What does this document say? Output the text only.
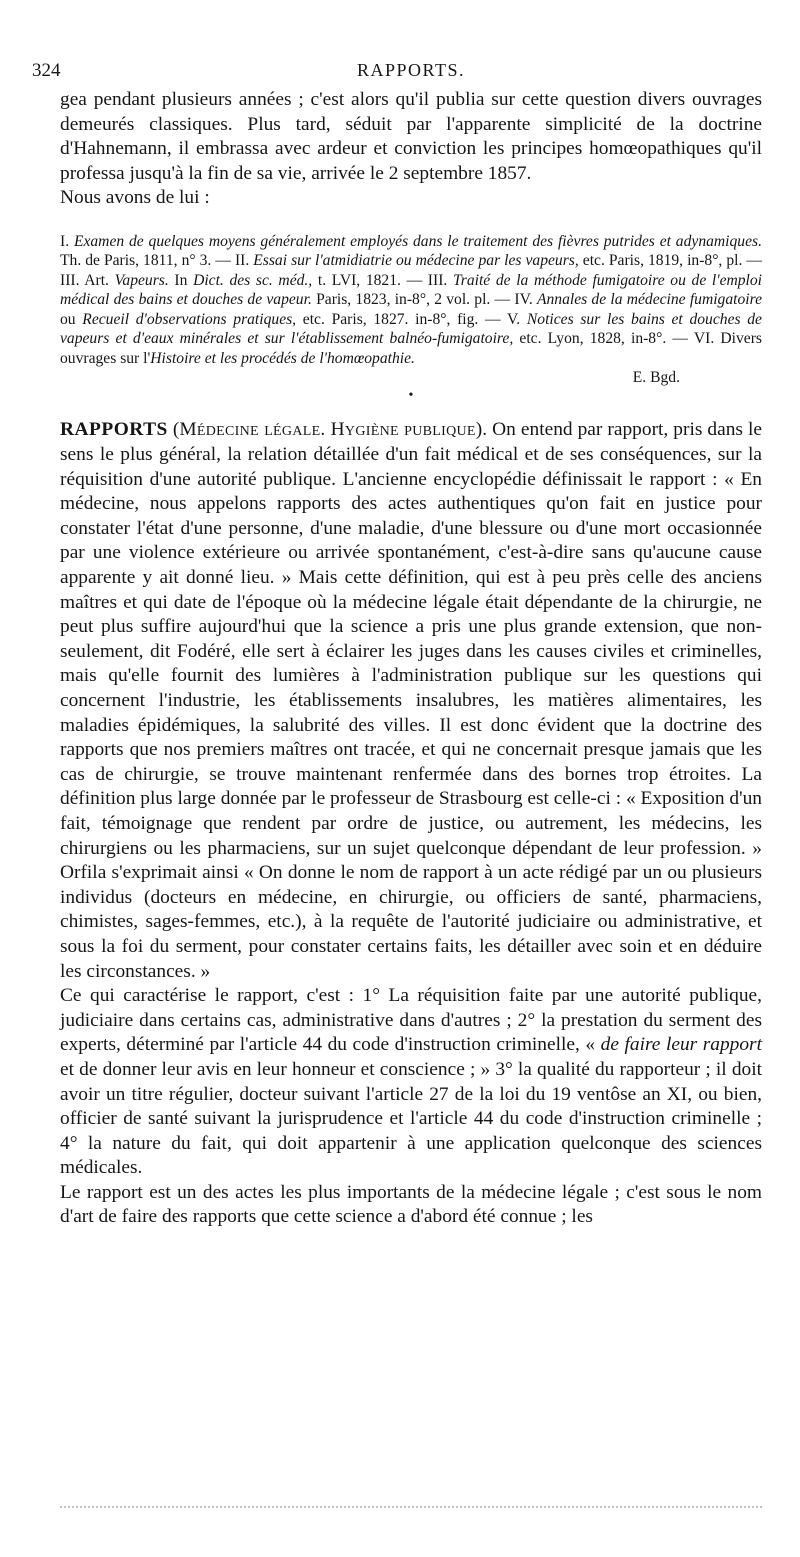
324	RAPPORTS.

gea pendant plusieurs années ; c'est alors qu'il publia sur cette question divers ouvrages demeurés classiques. Plus tard, séduit par l'apparente simplicité de la doctrine d'Hahnemann, il embrassa avec ardeur et conviction les principes homœopathiques qu'il professa jusqu'à la fin de sa vie, arrivée le 2 septembre 1857.

Nous avons de lui :

I. Examen de quelques moyens généralement employés dans le traitement des fièvres putrides et adynamiques. Th. de Paris, 1811, n° 3. — II. Essai sur l'atmidiatrie ou médecine par les vapeurs, etc. Paris, 1819, in-8°, pl. — III. Art. Vapeurs. In Dict. des sc. méd., t. LVI, 1821. — III. Traité de la méthode fumigatoire ou de l'emploi médical des bains et douches de vapeur. Paris, 1823, in-8°, 2 vol. pl. — IV. Annales de la médecine fumigatoire ou Recueil d'observations pratiques, etc. Paris, 1827. in-8°, fig. — V. Notices sur les bains et douches de vapeurs et d'eaux minérales et sur l'établissement balnéo-fumigatoire, etc. Lyon, 1828, in-8°. — VI. Divers ouvrages sur l'Histoire et les procédés de l'homœopathie.

E. Bgd.

•

RAPPORTS (Médecine légale. Hygiène publique). On entend par rapport, pris dans le sens le plus général, la relation détaillée d'un fait médical et de ses conséquences, sur la réquisition d'une autorité publique. L'ancienne encyclopédie définissait le rapport : « En médecine, nous appelons rapports des actes authentiques qu'on fait en justice pour constater l'état d'une personne, d'une maladie, d'une blessure ou d'une mort occasionnée par une violence extérieure ou arrivée spontanément, c'est-à-dire sans qu'aucune cause apparente y ait donné lieu. » Mais cette définition, qui est à peu près celle des anciens maîtres et qui date de l'époque où la médecine légale était dépendante de la chirurgie, ne peut plus suffire aujourd'hui que la science a pris une plus grande extension, que non-seulement, dit Fodéré, elle sert à éclairer les juges dans les causes civiles et criminelles, mais qu'elle fournit des lumières à l'administration publique sur les questions qui concernent l'industrie, les établissements insalubres, les matières alimentaires, les maladies épidémiques, la salubrité des villes. Il est donc évident que la doctrine des rapports que nos premiers maîtres ont tracée, et qui ne concernait presque jamais que les cas de chirurgie, se trouve maintenant renfermée dans des bornes trop étroites. La définition plus large donnée par le professeur de Strasbourg est celle-ci : « Exposition d'un fait, témoignage que rendent par ordre de justice, ou autrement, les médecins, les chirurgiens ou les pharmaciens, sur un sujet quelconque dépendant de leur profession. » Orfila s'exprimait ainsi « On donne le nom de rapport à un acte rédigé par un ou plusieurs individus (docteurs en médecine, en chirurgie, ou officiers de santé, pharmaciens, chimistes, sages-femmes, etc.), à la requête de l'autorité judiciaire ou administrative, et sous la foi du serment, pour constater certains faits, les détailler avec soin et en déduire les circonstances. »

Ce qui caractérise le rapport, c'est : 1° La réquisition faite par une autorité publique, judiciaire dans certains cas, administrative dans d'autres ; 2° la prestation du serment des experts, déterminé par l'article 44 du code d'instruction criminelle, « de faire leur rapport et de donner leur avis en leur honneur et conscience ; » 3° la qualité du rapporteur ; il doit avoir un titre régulier, docteur suivant l'article 27 de la loi du 19 ventôse an XI, ou bien, officier de santé suivant la jurisprudence et l'article 44 du code d'instruction criminelle ; 4° la nature du fait, qui doit appartenir à une application quelconque des sciences médicales.

Le rapport est un des actes les plus importants de la médecine légale ; c'est sous le nom d'art de faire des rapports que cette science a d'abord été connue ; les
